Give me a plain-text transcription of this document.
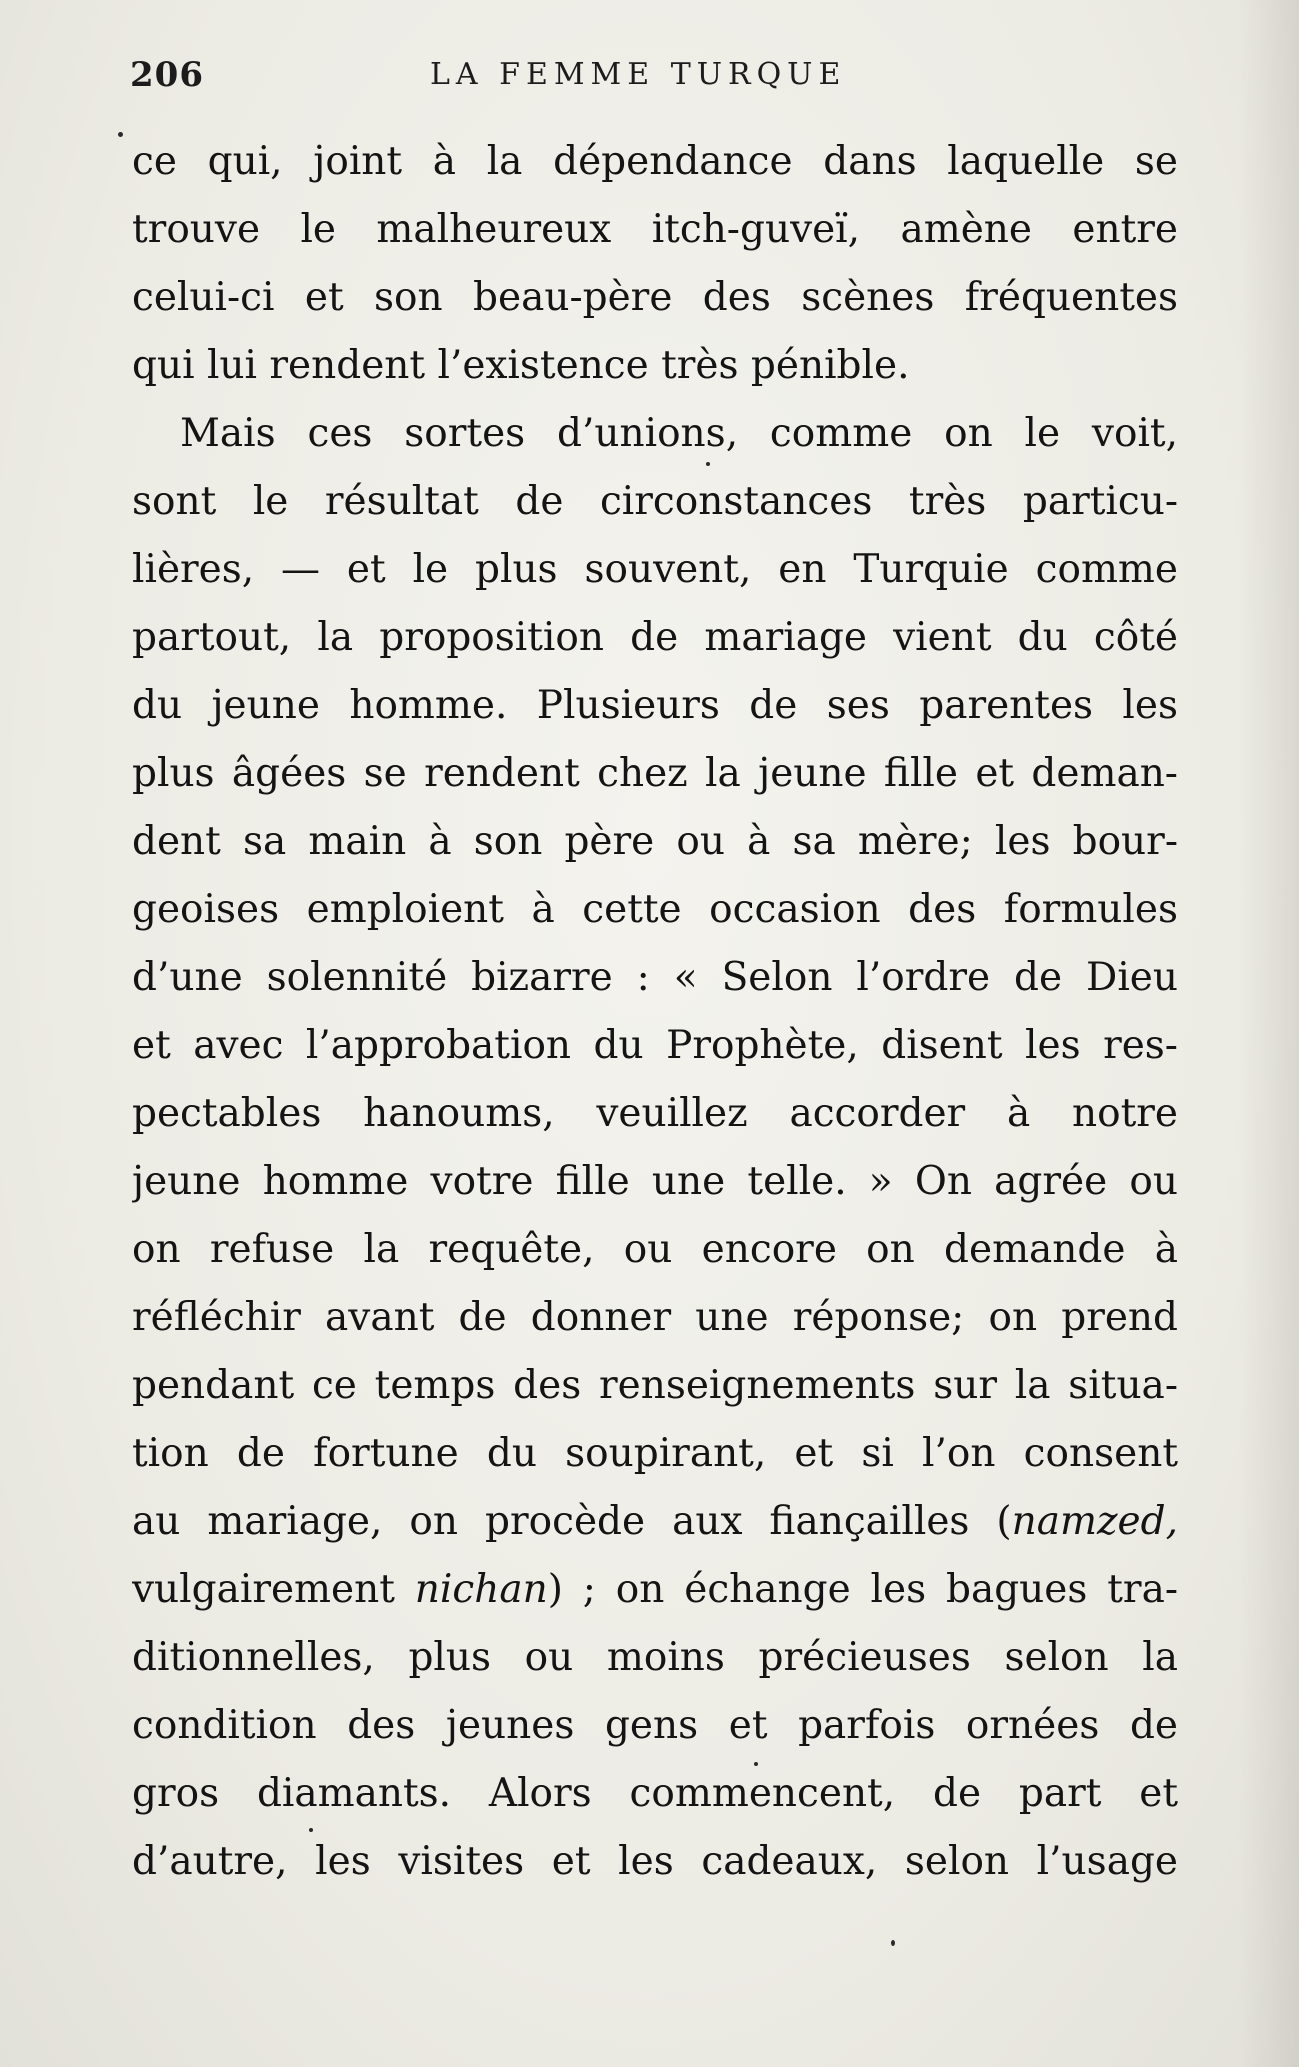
206	LA FEMME TURQUE
ce qui, joint à la dépendance dans laquelle se
trouve le malheureux itch-guveï, amène entre
celui-ci et son beau-père des scènes fréquentes
qui lui rendent l’existence très pénible.
Mais ces sortes d’unions, comme on le voit,
sont le résultat de circonstances très particu-
lières, — et le plus souvent, en Turquie comme
partout, la proposition de mariage vient du côté
du jeune homme. Plusieurs de ses parentes les
plus âgées se rendent chez la jeune fille et deman-
dent sa main à son père ou à sa mère; les bour-
geoises emploient à cette occasion des formules
d’une solennité bizarre : « Selon l’ordre de Dieu
et avec l’approbation du Prophète, disent les res-
pectables hanoums, veuillez accorder à notre
jeune homme votre fille une telle. » On agrée ou
on refuse la requête, ou encore on demande à
réfléchir avant de donner une réponse; on prend
pendant ce temps des renseignements sur la situa-
tion de fortune du soupirant, et si l’on consent
au mariage, on procède aux fiançailles (namzed,
vulgairement nichan) ; on échange les bagues tra-
ditionnelles, plus ou moins précieuses selon la
condition des jeunes gens et parfois ornées de
gros diamants. Alors commencent, de part et
d’autre, les visites et les cadeaux, selon l’usage
